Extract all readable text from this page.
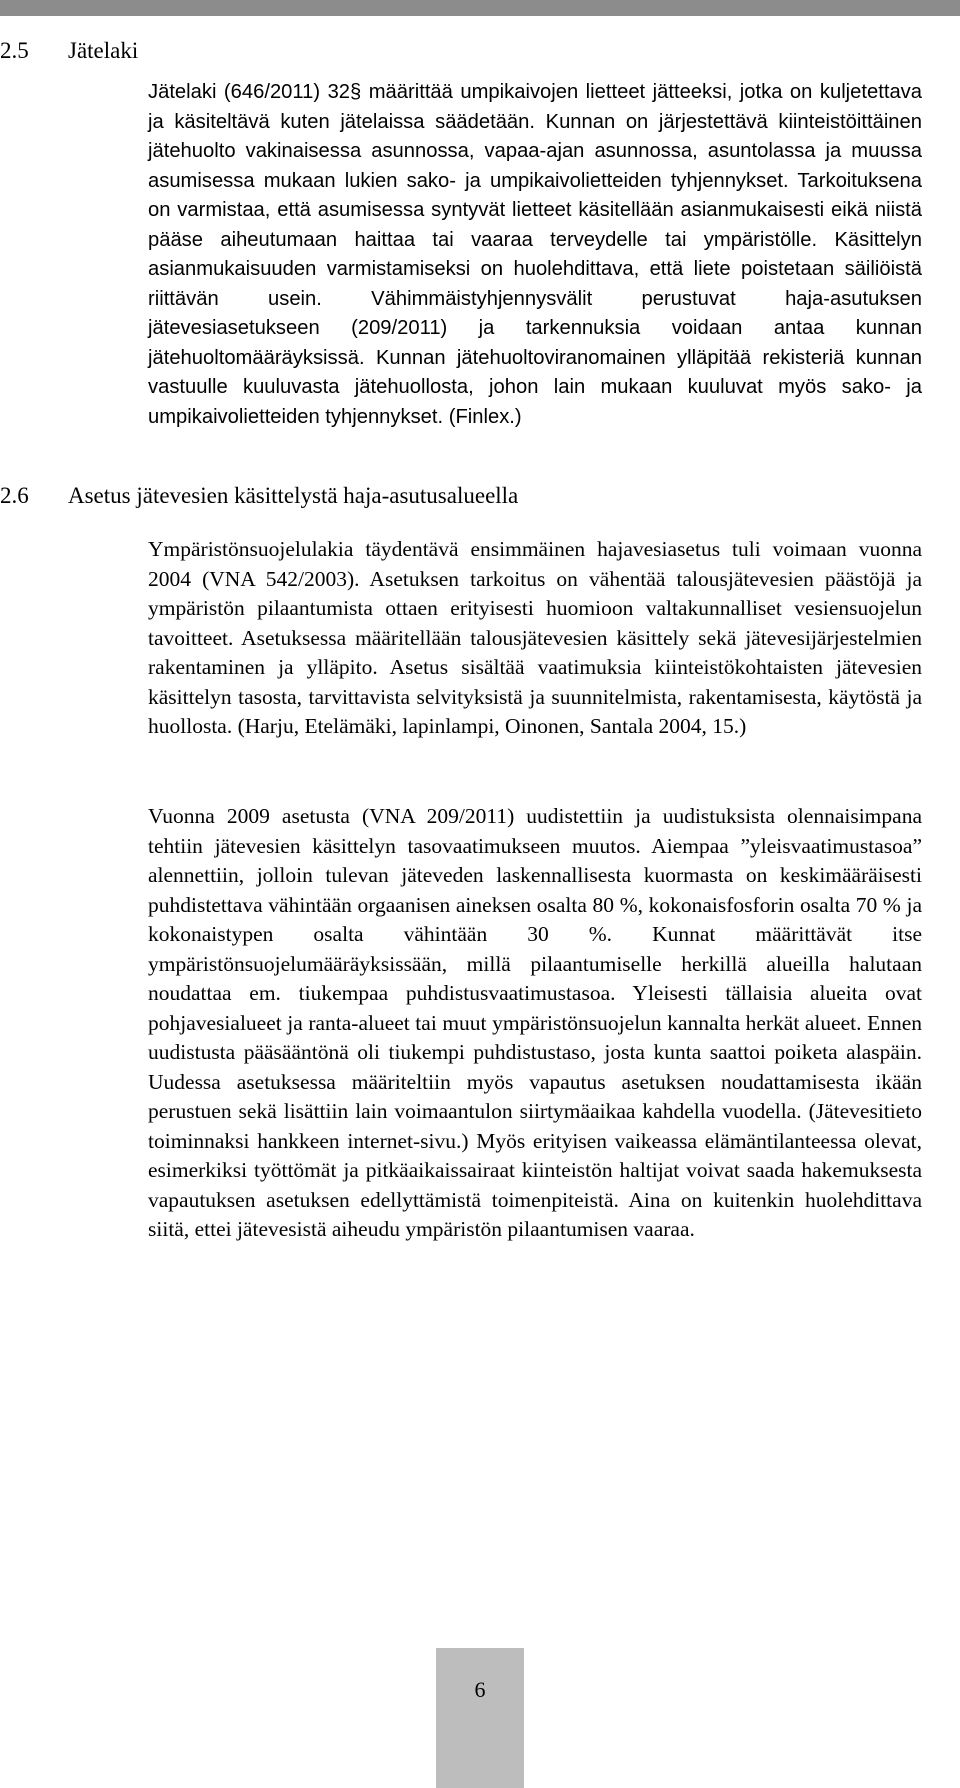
2.5 Jätelaki

Jätelaki (646/2011) 32§ määrittää umpikaivojen lietteet jätteeksi, jotka on kuljetettava ja käsiteltävä kuten jätelaissa säädetään. Kunnan on järjestettävä kiinteistöittäinen jätehuolto vakinaisessa asunnossa, vapaa-ajan asunnossa, asuntolassa ja muussa asumisessa mukaan lukien sako- ja umpikaivolietteiden tyhjennykset. Tarkoituksena on varmistaa, että asumisessa syntyvät lietteet käsitellään asianmukaisesti eikä niistä pääse aiheutumaan haittaa tai vaaraa terveydelle tai ympäristölle. Käsittelyn asianmukaisuuden varmistamiseksi on huolehdittava, että liete poistetaan säiliöistä riittävän usein. Vähimmäistyhjennysvälit perustuvat haja-asutuksen jätevesiasetukseen (209/2011) ja tarkennuksia voidaan antaa kunnan jätehuoltomääräyksissä. Kunnan jätehuoltoviranomainen ylläpitää rekisteriä kunnan vastuulle kuuluvasta jätehuollosta, johon lain mukaan kuuluvat myös sako- ja umpikaivolietteiden tyhjennykset. (Finlex.)

2.6 Asetus jätevesien käsittelystä haja-asutusalueella

Ympäristönsuojelulakia täydentävä ensimmäinen hajavesiasetus tuli voimaan vuonna 2004 (VNA 542/2003). Asetuksen tarkoitus on vähentää talousjätevesien päästöjä ja ympäristön pilaantumista ottaen erityisesti huomioon valtakunnalliset vesiensuojelun tavoitteet. Asetuksessa määritellään talousjätevesien käsittely sekä jätevesijärjestelmien rakentaminen ja ylläpito. Asetus sisältää vaatimuksia kiinteistökohtaisten jätevesien käsittelyn tasosta, tarvittavista selvityksistä ja suunnitelmista, rakentamisesta, käytöstä ja huollosta. (Harju, Etelämäki, lapinlampi, Oinonen, Santala 2004, 15.)

Vuonna 2009 asetusta (VNA 209/2011) uudistettiin ja uudistuksista olennaisimpana tehtiin jätevesien käsittelyn tasovaatimukseen muutos. Aiempaa ”yleisvaatimustasoa” alennettiin, jolloin tulevan jäteveden laskennallisesta kuormasta on keskimääräisesti puhdistettava vähintään orgaanisen aineksen osalta 80 %, kokonaisfosforin osalta 70 % ja kokonaistypen osalta vähintään 30 %. Kunnat määrittävät itse ympäristönsuojelumääräyksissään, millä pilaantumiselle herkillä alueilla halutaan noudattaa em. tiukempaa puhdistusvaatimustasoa. Yleisesti tällaisia alueita ovat pohjavesialueet ja ranta-alueet tai muut ympäristönsuojelun kannalta herkät alueet. Ennen uudistusta pääsääntönä oli tiukempi puhdistustaso, josta kunta saattoi poiketa alaspäin. Uudessa asetuksessa määriteltiin myös vapautus asetuksen noudattamisesta ikään perustuen sekä lisättiin lain voimaantulon siirtymäaikaa kahdella vuodella. (Jätevesitieto toiminnaksi hankkeen internet-sivu.) Myös erityisen vaikeassa elämäntilanteessa olevat, esimerkiksi työttömät ja pitkäaikaissairaat kiinteistön haltijat voivat saada hakemuksesta vapautuksen asetuksen edellyttämistä toimenpiteistä. Aina on kuitenkin huolehdittava siitä, ettei jätevesistä aiheudu ympäristön pilaantumisen vaaraa.

6
